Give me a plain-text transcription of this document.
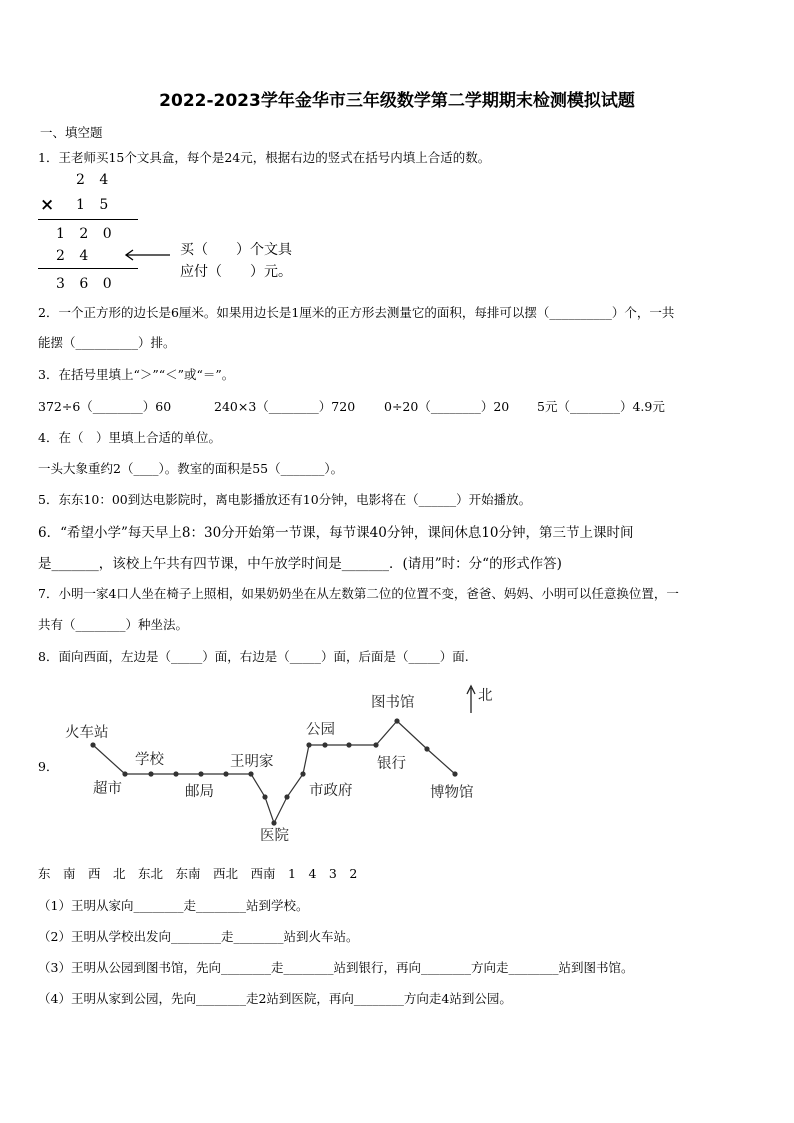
2022-2023学年金华市三年级数学第二学期期末检测模拟试题
一、填空题
1．王老师买15个文具盒，每个是24元，根据右边的竖式在括号内填上合适的数。
2 4
× 1 5
1 2 0
2 4
3 6 0
买（　　）个文具
应付（　　）元。
2．一个正方形的边长是6厘米。如果用边长是1厘米的正方形去测量它的面积，每排可以摆（__________）个，一共
能摆（__________）排。
3．在括号里填上“＞”“＜”或“＝”。
372÷6（________）60	240×3（________）720 0÷20（________）20 5元（________）4.9元
4．在（　）里填上合适的单位。
一头大象重约2（____）。教室的面积是55（_______）。
5．东东10：00到达电影院时，离电影播放还有10分钟，电影将在（______）开始播放。
6．“希望小学”每天早上8：30分开始第一节课，每节课40分钟，课间休息10分钟，第三节上课时间
是_______，该校上午共有四节课，中午放学时间是_______．(请用”时：分“的形式作答)
7．小明一家4口人坐在椅子上照相，如果奶奶坐在从左数第二位的位置不变，爸爸、妈妈、小明可以任意换位置，一
共有（________）种坐法。
8．面向西面，左边是（_____）面，右边是（_____）面，后面是（_____）面.
9．
火车站
超市
学校
邮局
王明家
医院
公园
市政府
图书馆
银行
博物馆
北
东　南　西　北　东北　东南　西北　西南　1　4　3　2
（1）王明从家向________走________站到学校。
（2）王明从学校出发向________走________站到火车站。
（3）王明从公园到图书馆，先向________走________站到银行，再向________方向走________站到图书馆。
（4）王明从家到公园，先向________走2站到医院，再向________方向走4站到公园。
